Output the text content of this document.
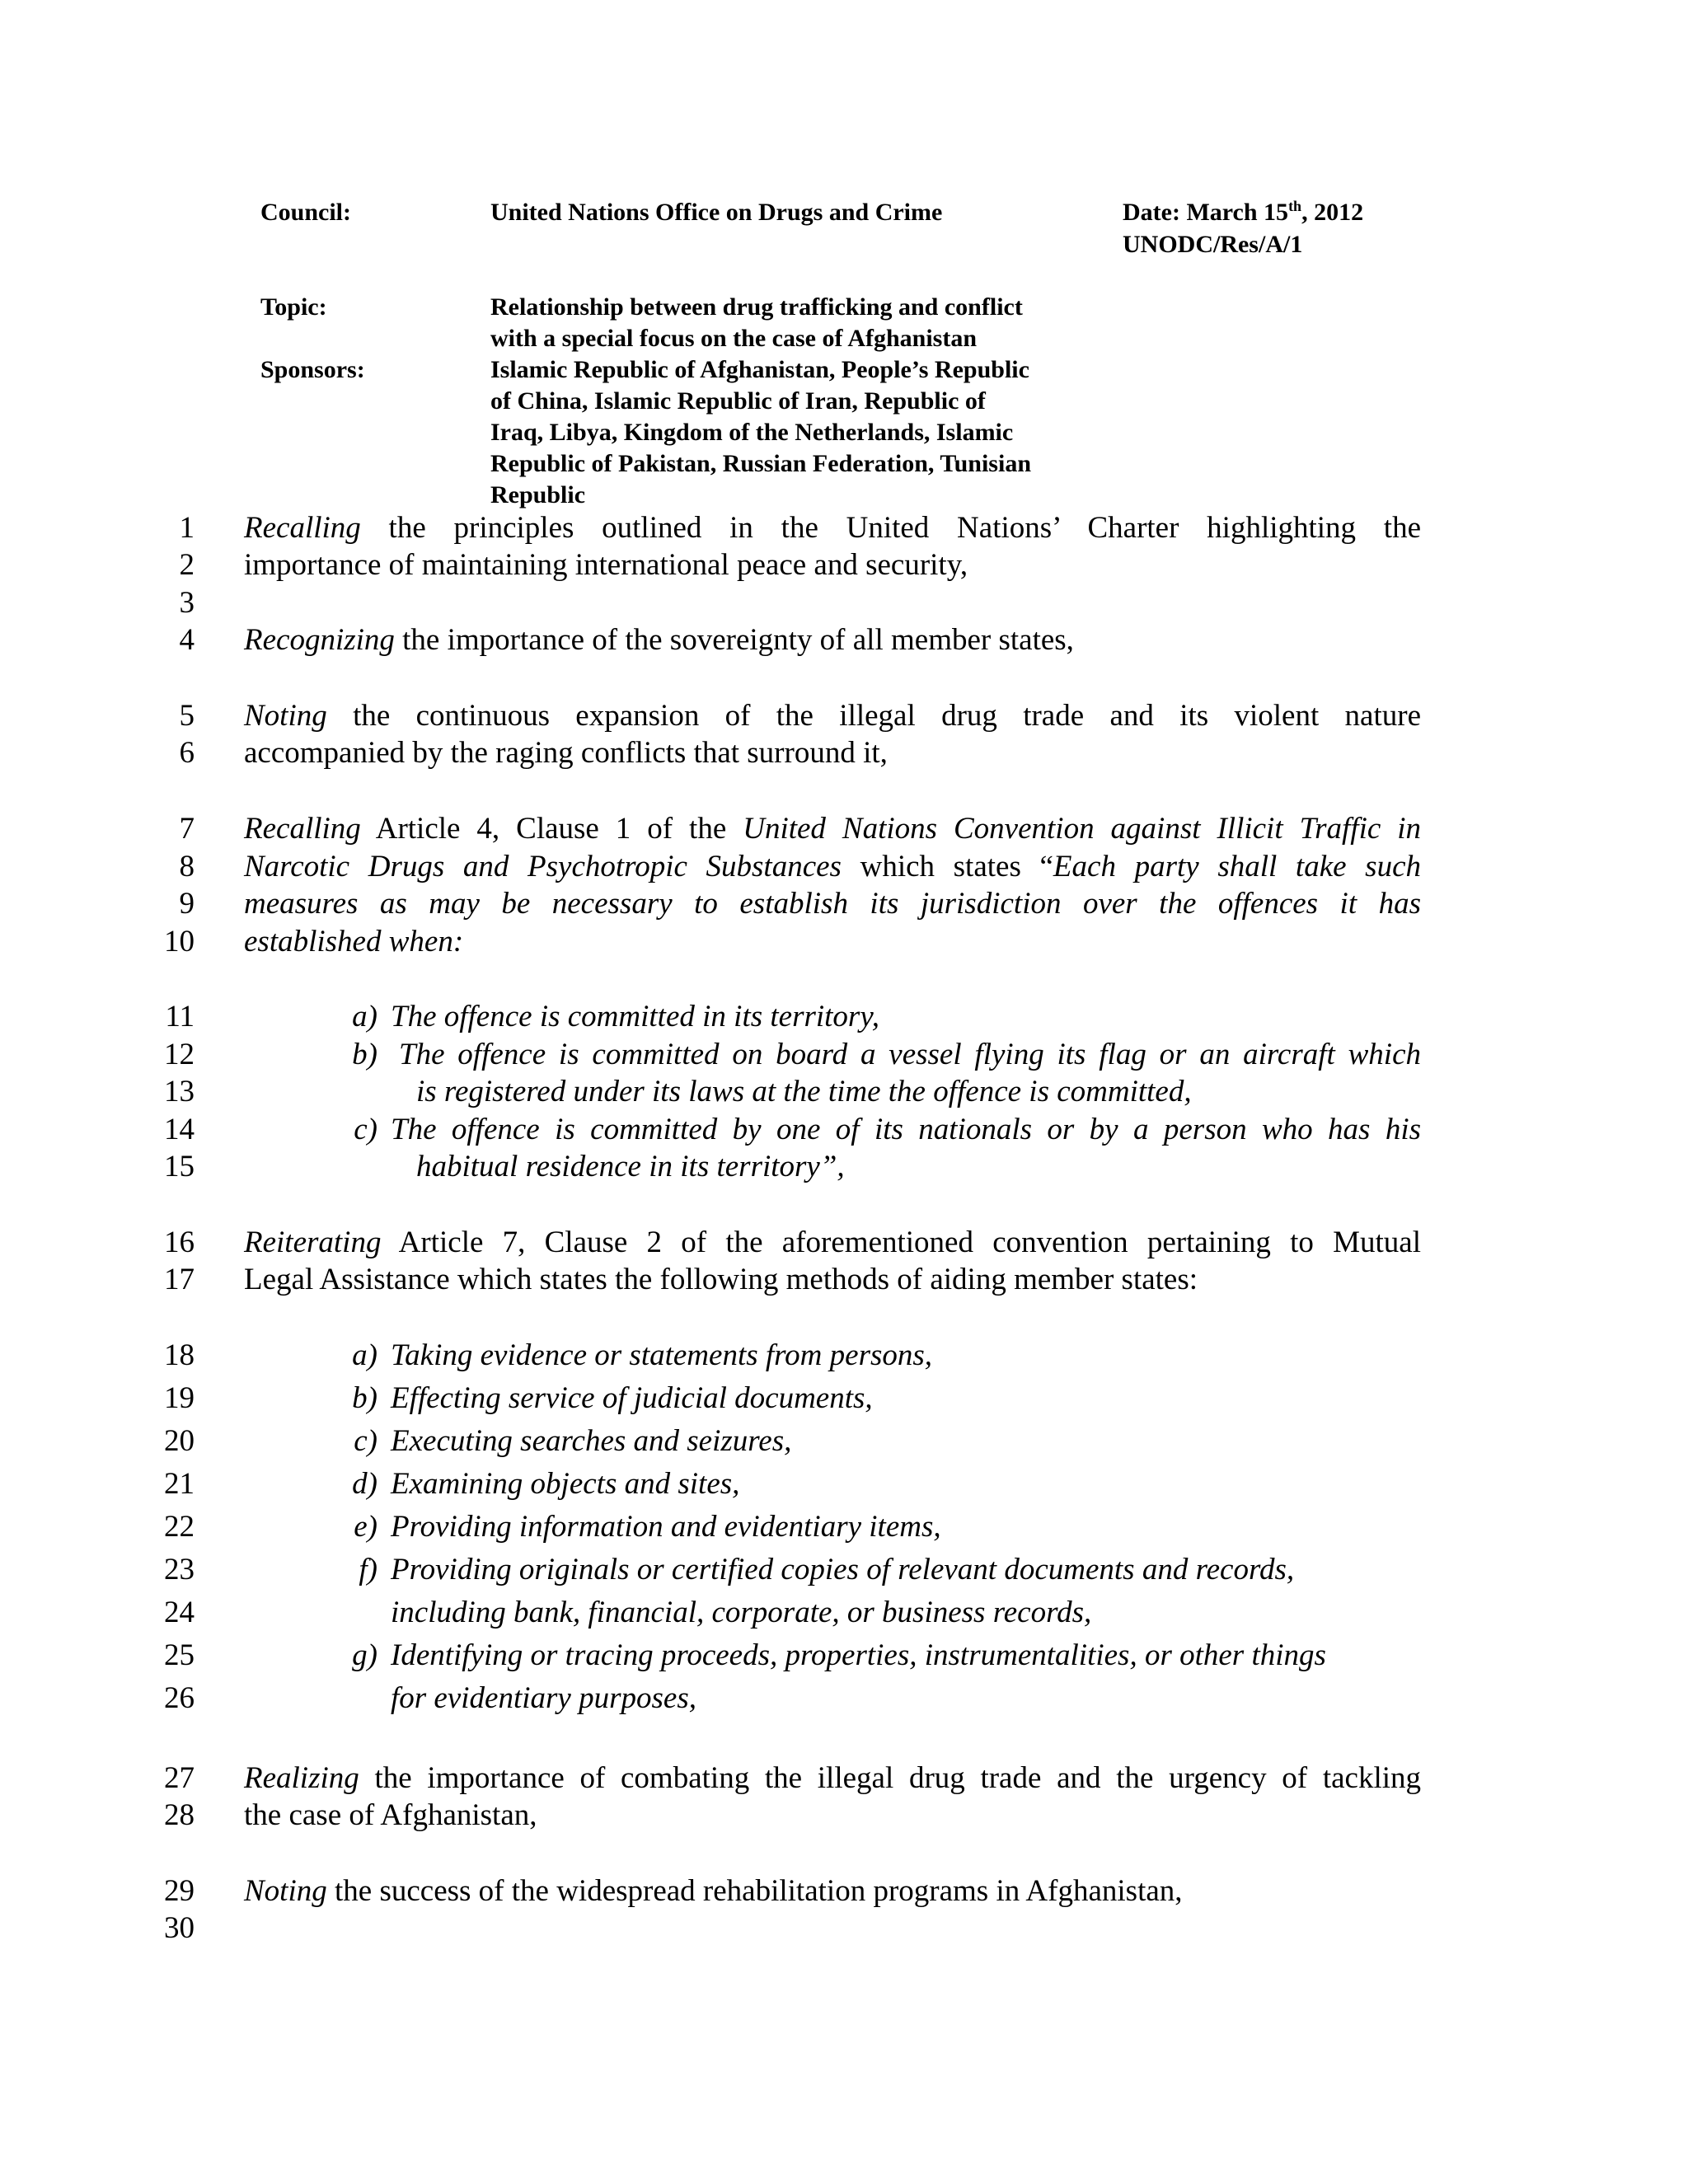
Council:	United Nations Office on Drugs and Crime	Date: March 15th, 2012
UNODC/Res/A/1
Topic:	Relationship between drug trafficking and conflict
with a special focus on the case of Afghanistan
Sponsors:	Islamic Republic of Afghanistan, People’s Republic
of China, Islamic Republic of Iran, Republic of
Iraq, Libya, Kingdom of the Netherlands, Islamic
Republic of Pakistan, Russian Federation, Tunisian
Republic
1
2
3
4
5
6
7
8
9
10
11
12
13
14
15
16
17
18
19
20
21
22
23
24
25
26
27
28
29
30
Recalling the principles outlined in the United Nations’ Charter highlighting the
importance of maintaining international peace and security,
Recognizing the importance of the sovereignty of all member states,
Noting the continuous expansion of the illegal drug trade and its violent nature
accompanied by the raging conflicts that surround it,
Recalling Article 4, Clause 1 of the United Nations Convention against Illicit Traffic in
Narcotic Drugs and Psychotropic Substances which states “Each party shall take such
measures as may be necessary to establish its jurisdiction over the offences it has
established when:
a) The offence is committed in its territory,
b) The offence is committed on board a vessel flying its flag or an aircraft which
is registered under its laws at the time the offence is committed,
c) The offence is committed by one of its nationals or by a person who has his
habitual residence in its territory”,
Reiterating Article 7, Clause 2 of the aforementioned convention pertaining to Mutual
Legal Assistance which states the following methods of aiding member states:
a) Taking evidence or statements from persons,
b) Effecting service of judicial documents,
c) Executing searches and seizures,
d) Examining objects and sites,
e) Providing information and evidentiary items,
f) Providing originals or certified copies of relevant documents and records,
including bank, financial, corporate, or business records,
g) Identifying or tracing proceeds, properties, instrumentalities, or other things
for evidentiary purposes,
Realizing the importance of combating the illegal drug trade and the urgency of tackling
the case of Afghanistan,
Noting the success of the widespread rehabilitation programs in Afghanistan,
